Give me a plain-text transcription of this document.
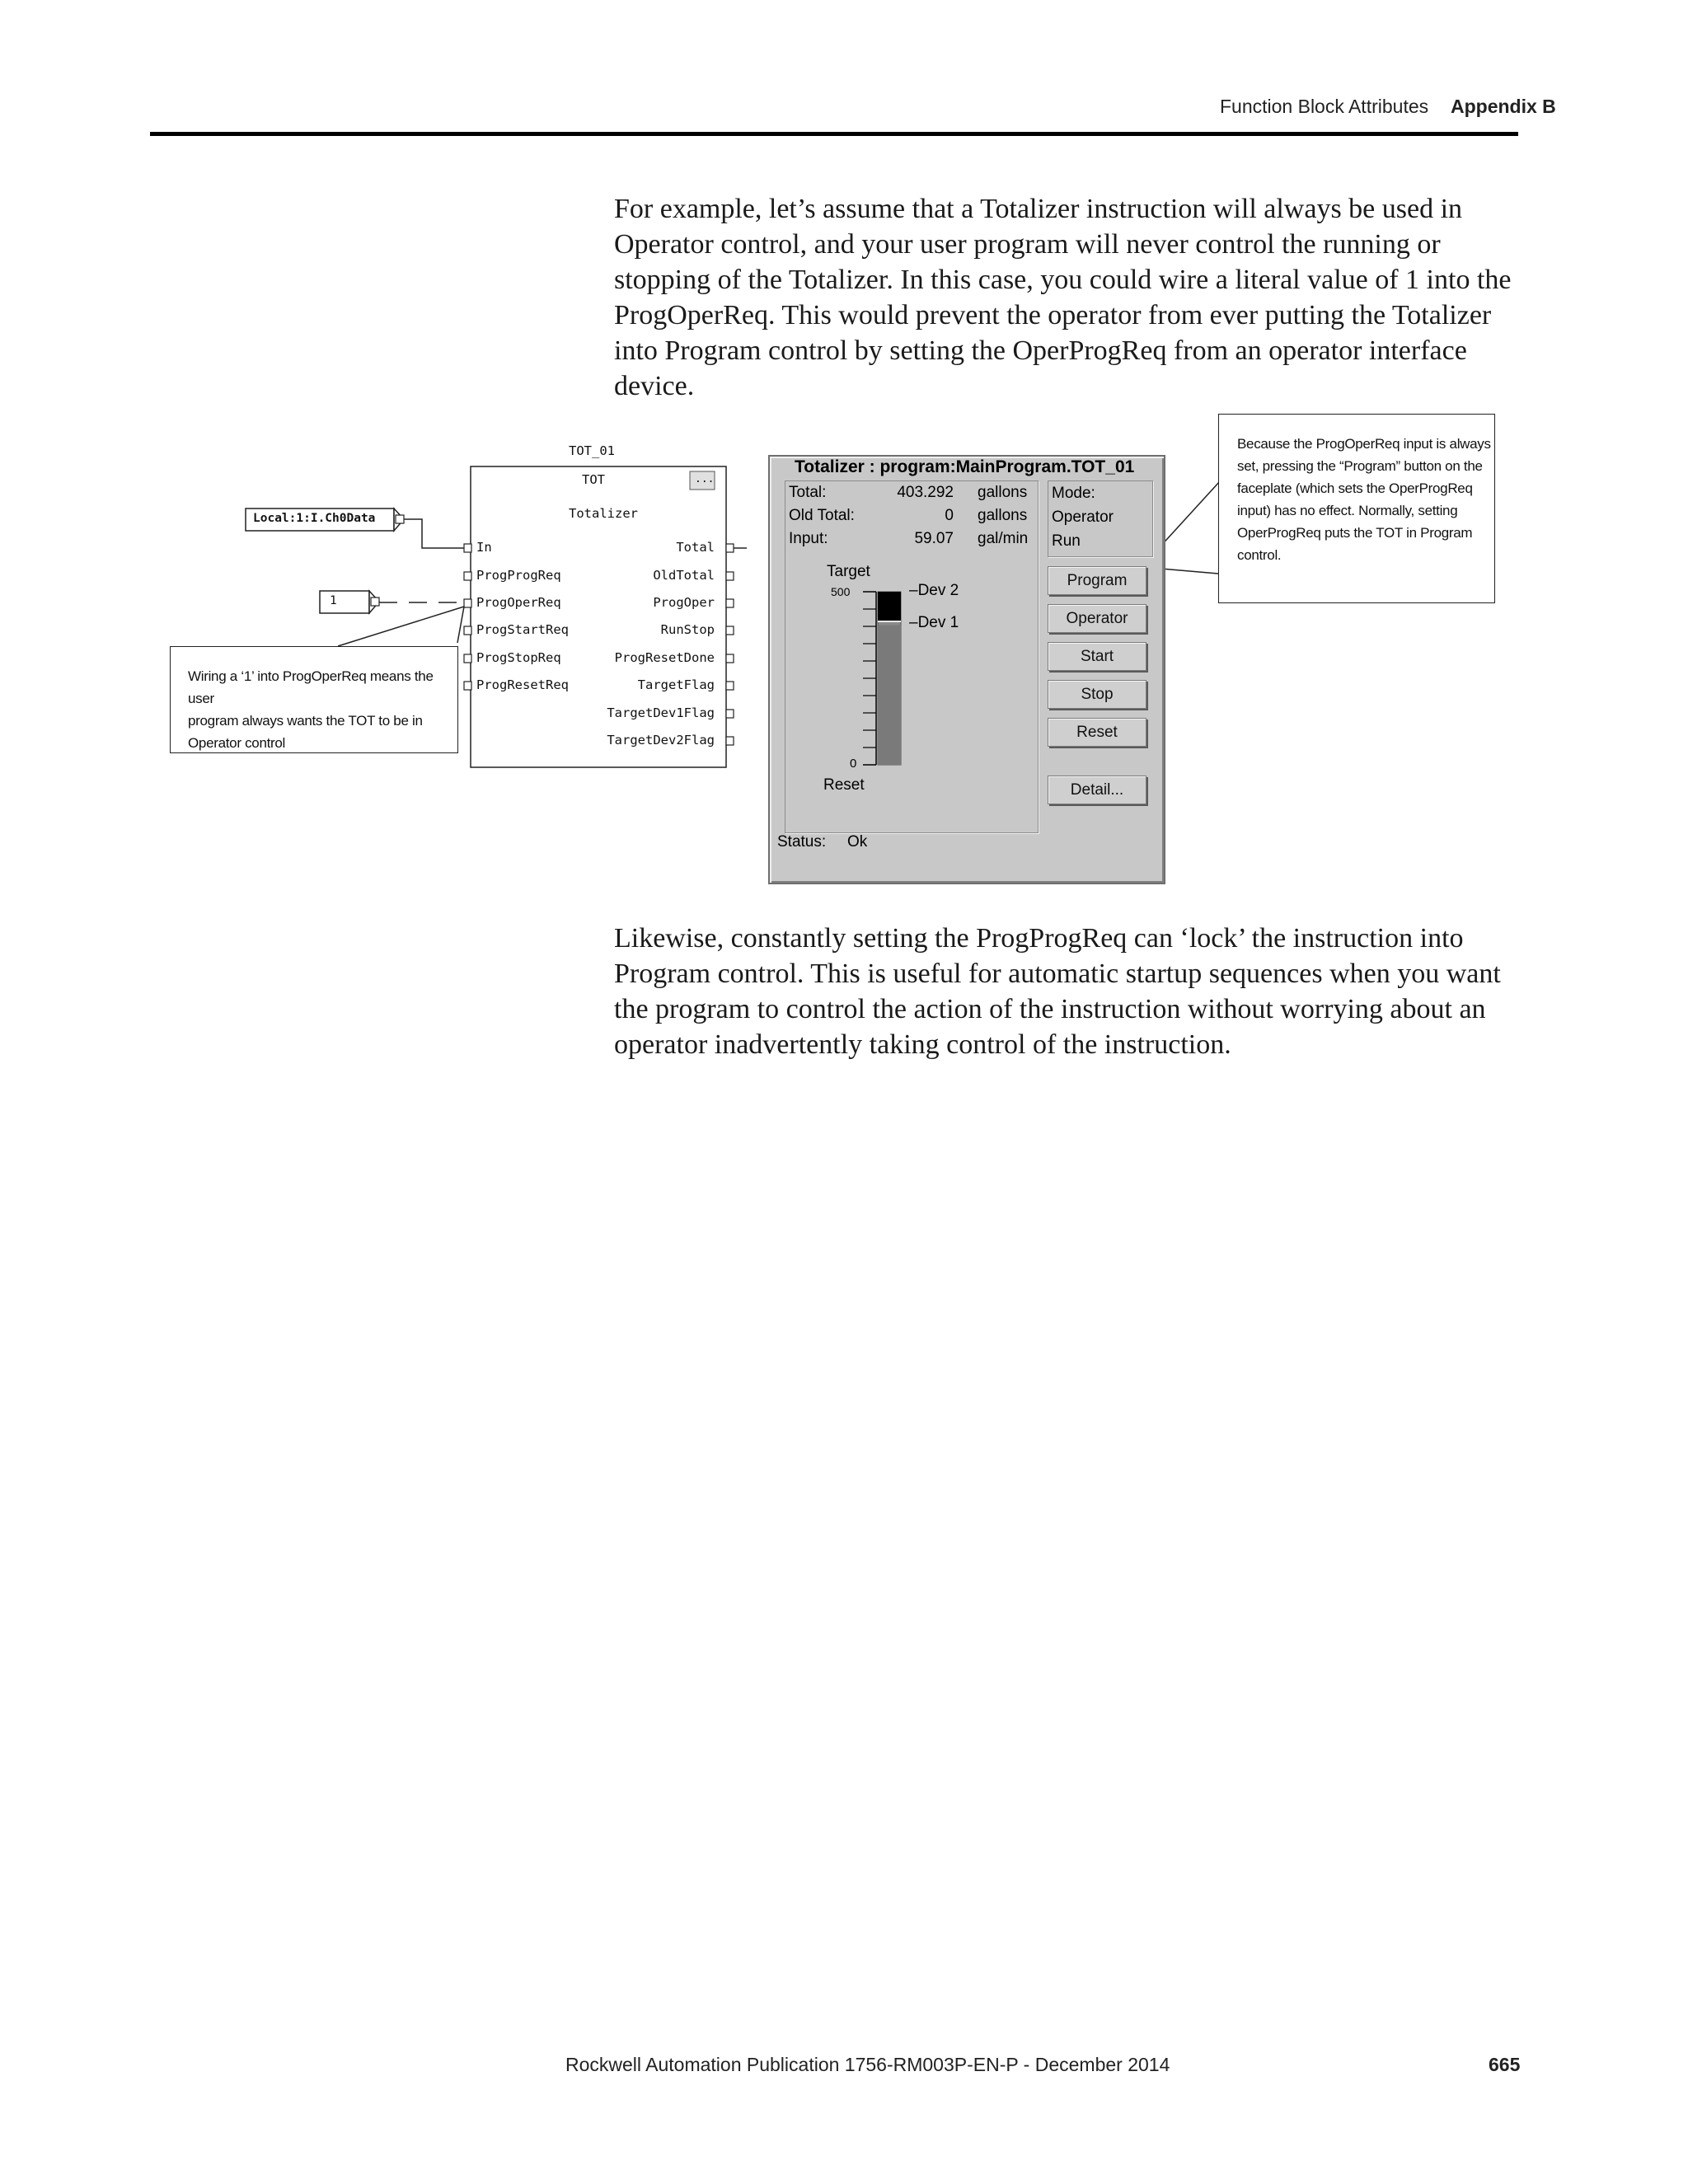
Function Block Attributes Appendix B

For example, let’s assume that a Totalizer instruction will always be used in

Operator control, and your user program will never control the running or

stopping of the Totalizer. In this case, you could wire a literal value of 1 into the

ProgOperReq. This would prevent the operator from ever putting the Totalizer

into Program control by setting the OperProgReq from an operator interface

device.

TOT_01
TOT	...
Totalizer
Local:1:I.Ch0Data
1
In
ProgProgReq
ProgOperReq
ProgStartReq
ProgStopReq
ProgResetReq
Total
OldTotal
ProgOper
RunStop
ProgResetDone
TargetFlag
TargetDev1Flag
TargetDev2Flag
Wiring a ‘1’ into ProgOperReq means the user
program always wants the TOT to be in
Operator control
Because the ProgOperReq input is always
set, pressing the “Program” button on the
faceplate (which sets the OperProgReq
input) has no effect. Normally, setting
OperProgReq puts the TOT in Program
control.
Totalizer : program:MainProgram.TOT_01
Total:	403.292 gallons
Old Total:	0 gallons
Input:	59.07 gal/min
Target
500
0
–Dev 2
–Dev 1
Reset
Mode:
Operator
Run
Program
Operator
Start
Stop
Reset
Detail...
Status: Ok

Likewise, constantly setting the ProgProgReq can ‘lock’ the instruction into

Program control. This is useful for automatic startup sequences when you want

the program to control the action of the instruction without worrying about an

operator inadvertently taking control of the instruction.

Rockwell Automation Publication 1756-RM003P-EN-P - December 2014	665
